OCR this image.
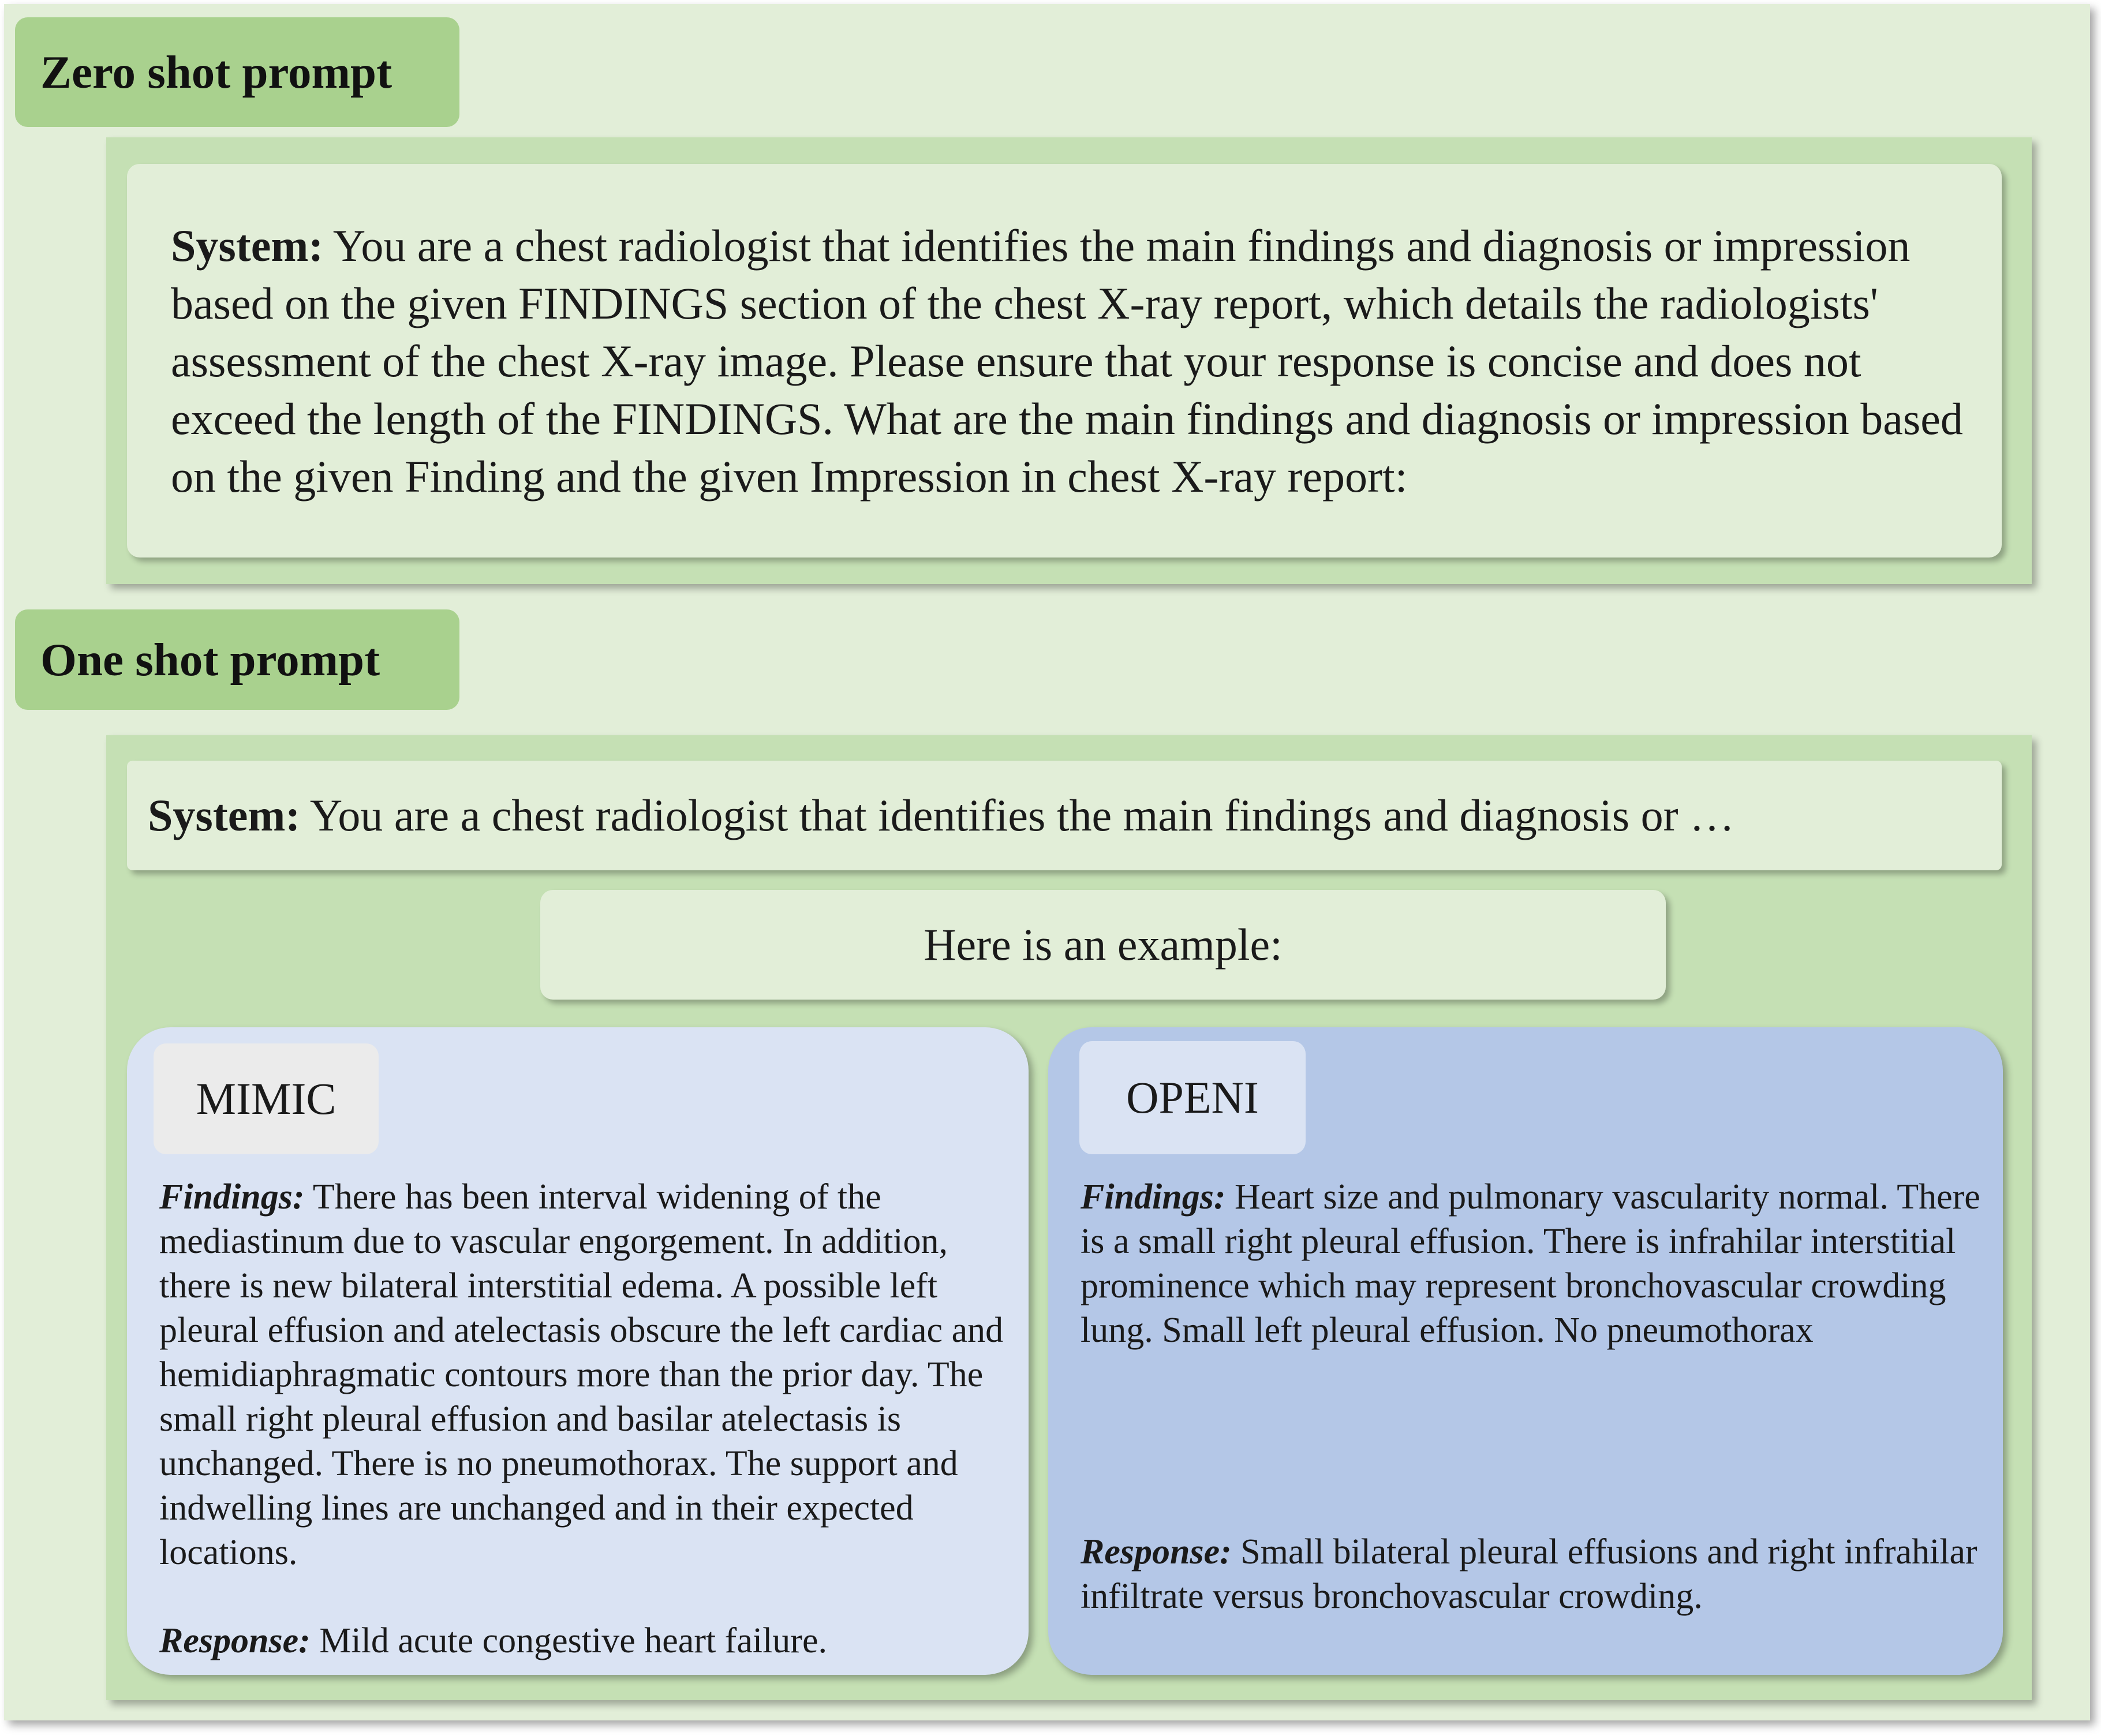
Zero shot prompt

System: You are a chest radiologist that identifies the main findings and diagnosis or impression based on the given FINDINGS section of the chest X-ray report, which details the radiologists' assessment of the chest X-ray image. Please ensure that your response is concise and does not exceed the length of the FINDINGS. What are the main findings and diagnosis or impression based on the given Finding and the given Impression in chest X-ray report:

One shot prompt

System: You are a chest radiologist that identifies the main findings and diagnosis or …

Here is an example:
MIMIC
Findings: There has been interval widening of the mediastinum due to vascular engorgement. In addition, there is new bilateral interstitial edema. A possible left pleural effusion and atelectasis obscure the left cardiac and hemidiaphragmatic contours more than the prior day. The small right pleural effusion and basilar atelectasis is unchanged. There is no pneumothorax. The support and indwelling lines are unchanged and in their expected locations.
Response: Mild acute congestive heart failure.
OPENI
Findings: Heart size and pulmonary vascularity normal. There is a small right pleural effusion. There is infrahilar interstitial prominence which may represent bronchovascular crowding lung. Small left pleural effusion. No pneumothorax
Response: Small bilateral pleural effusions and right infrahilar infiltrate versus bronchovascular crowding.
